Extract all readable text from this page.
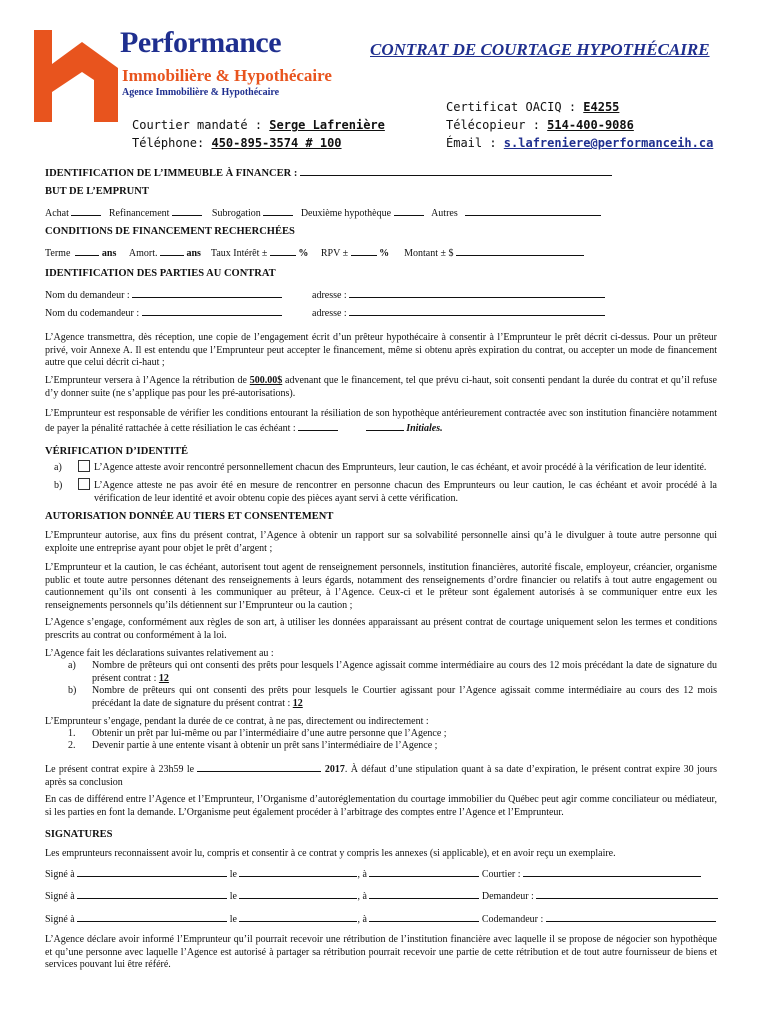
Performance
Immobilière & Hypothécaire
Agence Immobilière & Hypothécaire
CONTRAT DE COURTAGE HYPOTHÉCAIRE
Courtier mandaté : Serge Lafrenière
Téléphone: 450-895-3574 # 100
Certificat OACIQ : E4255
Télécopieur : 514-400-9086
Émail : s.lafreniere@performanceih.ca
IDENTIFICATION DE L’IMMEUBLE À FINANCER :
BUT DE L’EMPRUNT
Achat	Refinancement	Subrogation	Deuxième hypothèque	Autres
CONDITIONS DE FINANCEMENT RECHERCHÉES
Terme	ans Amort.	ans Taux Intérêt ±	% RPV ±	% Montant ± $
IDENTIFICATION DES PARTIES AU CONTRAT
Nom du demandeur :	adresse :
Nom du codemandeur :	adresse :
L’Agence transmettra, dès réception, une copie de l’engagement écrit d’un prêteur hypothécaire à consentir à l’Emprunteur le prêt décrit ci-dessus. Pour un prêteur privé, voir Annexe A. Il est entendu que l’Emprunteur peut accepter le financement, même si obtenu après expiration du contrat, ou accepter un mode de financement autre que celui décrit ci-haut ;
L’Emprunteur versera à l’Agence la rétribution de 500.00$ advenant que le financement, tel que prévu ci-haut, soit consenti pendant la durée du contrat et qu’il refuse d’y donner suite (ne s’applique pas pour les pré-autorisations).
L’Emprunteur est responsable de vérifier les conditions entourant la résiliation de son hypothèque antérieurement contractée avec son institution financière notamment de payer la pénalité rattachée à cette résiliation le cas échéant :	Initiales.
VÉRIFICATION D’IDENTITÉ
a)	L’Agence atteste avoir rencontré personnellement chacun des Emprunteurs, leur caution, le cas échéant, et avoir procédé à la vérification de leur identité.
b)	L’Agence atteste ne pas avoir été en mesure de rencontrer en personne chacun des Emprunteurs ou leur caution, le cas échéant et avoir procédé à la vérification de leur identité et avoir obtenu copie des pièces ayant servi à cette vérification.
AUTORISATION DONNÉE AU TIERS ET CONSENTEMENT
L’Emprunteur autorise, aux fins du présent contrat, l’Agence à obtenir un rapport sur sa solvabilité personnelle ainsi qu’à le divulguer à toute autre personne qui exploite une entreprise ayant pour objet le prêt d’argent ;
L’Emprunteur et la caution, le cas échéant, autorisent tout agent de renseignement personnels, institution financières, autorité fiscale, employeur, créancier, organisme public et toute autre personnes détenant des renseignements à leurs égards, notamment des renseignements d’ordre financier ou relatifs à tout autre engagement ou cautionnement qu’ils ont consenti à les communiquer au prêteur, à l’Agence. Ceux-ci et le prêteur sont également autorisés à se communiquer entre eux les renseignements personnels qu’ils détiennent sur l’Emprunteur ou la caution ;
L’Agence s’engage, conformément aux règles de son art, à utiliser les données apparaissant au présent contrat de courtage uniquement selon les termes et conditions prescrits au contrat ou conformément à la loi.
L’Agence fait les déclarations suivantes relativement au :
a) Nombre de prêteurs qui ont consenti des prêts pour lesquels l’Agence agissait comme intermédiaire au cours des 12 mois précédant la date de signature du présent contrat : 12
b) Nombre de prêteurs qui ont consenti des prêts pour lesquels le Courtier agissant pour l’Agence agissait comme intermédiaire au cours des 12 mois précédant la date de signature du présent contrat : 12
L’Emprunteur s’engage, pendant la durée de ce contrat, à ne pas, directement ou indirectement :
1. Obtenir un prêt par lui-même ou par l’intermédiaire d’une autre personne que l’Agence ;
2. Devenir partie à une entente visant à obtenir un prêt sans l’intermédiaire de l’Agence ;
Le présent contrat expire à 23h59 le	2017. À défaut d’une stipulation quant à sa date d’expiration, le présent contrat expire 30 jours après sa conclusion
En cas de différend entre l’Agence et l’Emprunteur, l’Organisme d’autoréglementation du courtage immobilier du Québec peut agir comme conciliateur ou médiateur, si les parties en font la demande. L’Organisme peut également procéder à l’arbitrage des comptes entre l’Agence et l’Emprunteur.
SIGNATURES
Les emprunteurs reconnaissent avoir lu, compris et consentir à ce contrat y compris les annexes (si applicable), et en avoir reçu un exemplaire.
Signé à	le	, à	Courtier :
Signé à	le	, à	Demandeur :
Signé à	le	, à	Codemandeur :
L’Agence déclare avoir informé l’Emprunteur qu’il pourrait recevoir une rétribution de l’institution financière avec laquelle il se propose de négocier son hypothèque et qu’une personne avec laquelle l’Agence est autorisé à partager sa rétribution pourrait recevoir une partie de cette rétribution et de tout autre fournisseur de biens et services pouvant lui être référé.
